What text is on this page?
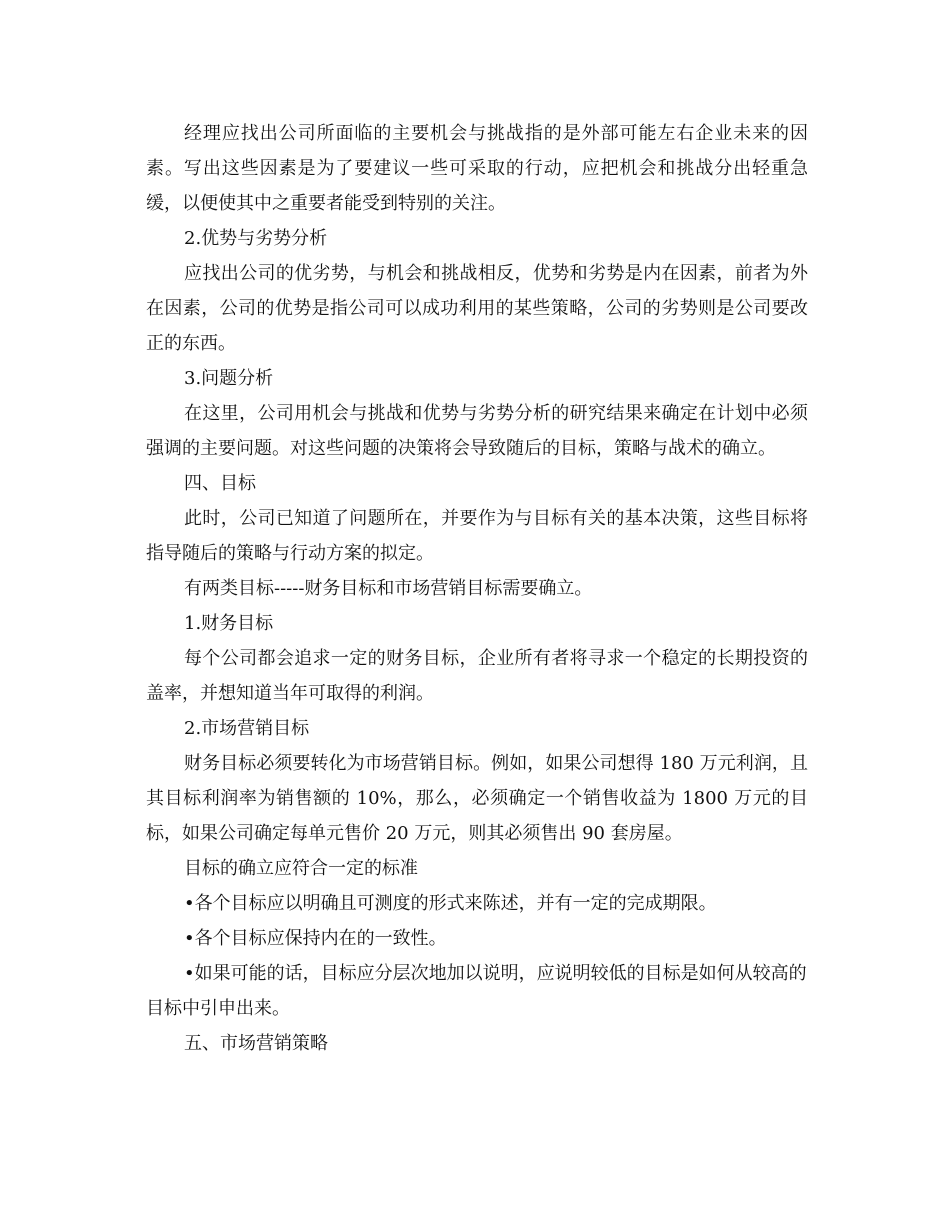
经理应找出公司所面临的主要机会与挑战指的是外部可能左右企业未来的因素。写出这些因素是为了要建议一些可采取的行动，应把机会和挑战分出轻重急缓，以便使其中之重要者能受到特别的关注。

2.优势与劣势分析

应找出公司的优劣势，与机会和挑战相反，优势和劣势是内在因素，前者为外在因素，公司的优势是指公司可以成功利用的某些策略，公司的劣势则是公司要改正的东西。

3.问题分析

在这里，公司用机会与挑战和优势与劣势分析的研究结果来确定在计划中必须强调的主要问题。对这些问题的决策将会导致随后的目标，策略与战术的确立。

四、目标

此时，公司已知道了问题所在，并要作为与目标有关的基本决策，这些目标将指导随后的策略与行动方案的拟定。

有两类目标-----财务目标和市场营销目标需要确立。

1.财务目标

每个公司都会追求一定的财务目标，企业所有者将寻求一个稳定的长期投资的盖率，并想知道当年可取得的利润。

2.市场营销目标

财务目标必须要转化为市场营销目标。例如，如果公司想得 180 万元利润，且其目标利润率为销售额的 10%，那么，必须确定一个销售收益为 1800 万元的目标，如果公司确定每单元售价 20 万元，则其必须售出 90 套房屋。

目标的确立应符合一定的标准

•各个目标应以明确且可测度的形式来陈述，并有一定的完成期限。

•各个目标应保持内在的一致性。

•如果可能的话，目标应分层次地加以说明，应说明较低的目标是如何从较高的目标中引申出来。

五、市场营销策略
